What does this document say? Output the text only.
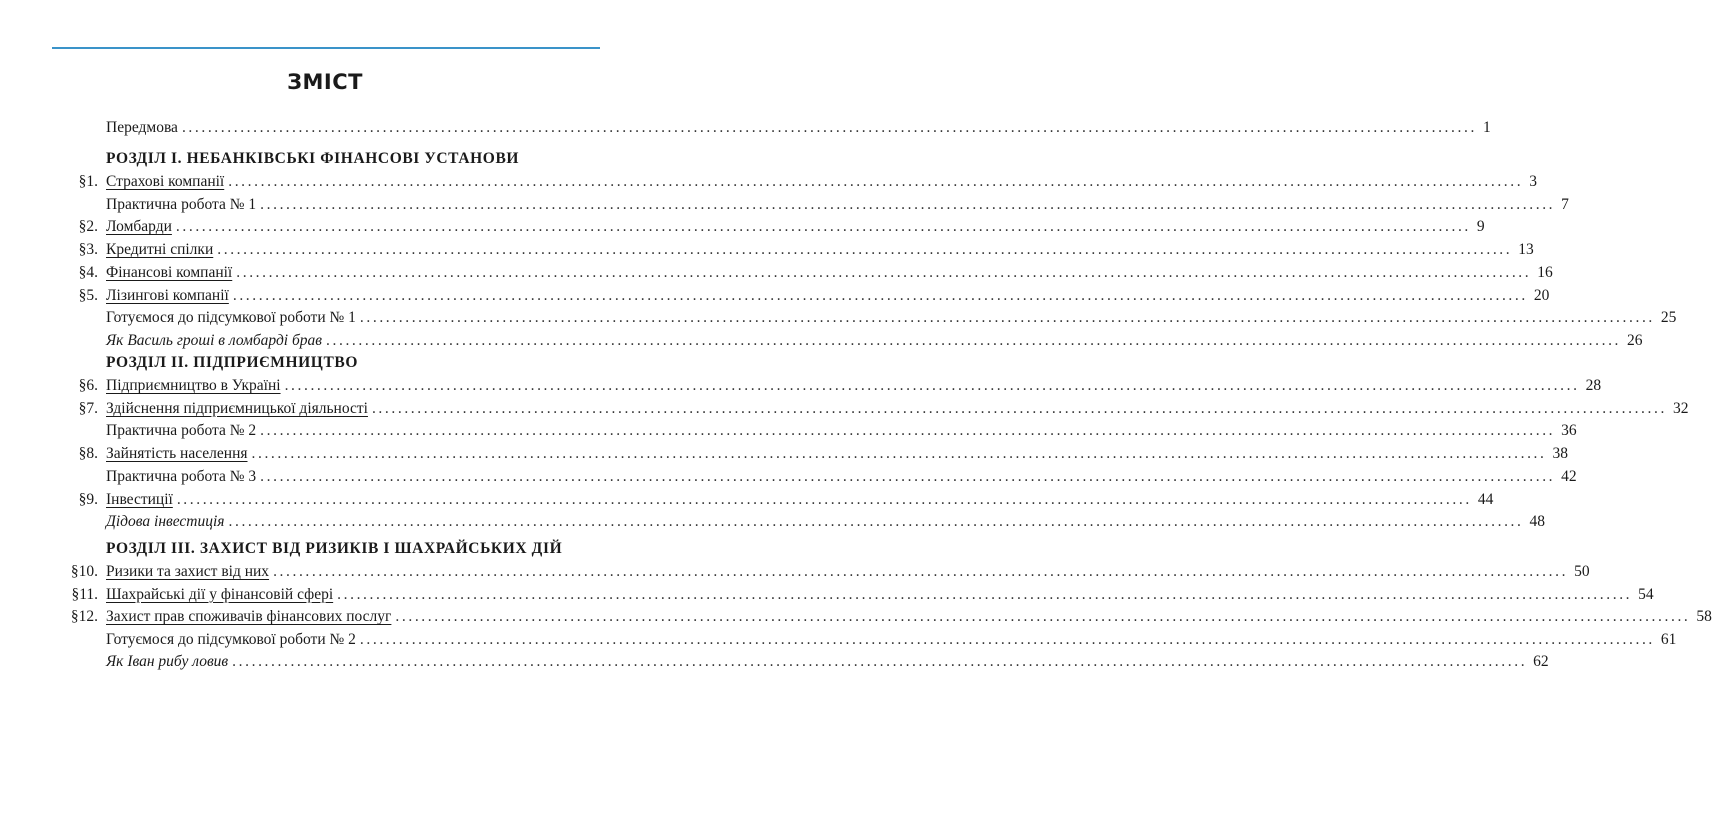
ЗМІСТ
Передмова ........................................................................................................................................................................................................ 1
РОЗДІЛ I. НЕБАНКІВСЬКІ ФІНАНСОВІ УСТАНОВИ
§1. Страхові компанії ........................................................................................................................................................................................................ 3
Практична робота № 1 ........................................................................................................................................................................................................ 7
§2. Ломбарди ........................................................................................................................................................................................................ 9
§3. Кредитні спілки ........................................................................................................................................................................................................ 13
§4. Фінансові компанії ........................................................................................................................................................................................................ 16
§5. Лізингові компанії ........................................................................................................................................................................................................ 20
Готуємося до підсумкової роботи № 1 ........................................................................................................................................................................................................ 25
Як Василь гроші в ломбарді брав ........................................................................................................................................................................................................ 26
РОЗДІЛ II. ПІДПРИЄМНИЦТВО
§6. Підприємництво в Україні ........................................................................................................................................................................................................ 28
§7. Здійснення підприємницької діяльності ........................................................................................................................................................................................................ 32
Практична робота № 2 ........................................................................................................................................................................................................ 36
§8. Зайнятість населення ........................................................................................................................................................................................................ 38
Практична робота № 3 ........................................................................................................................................................................................................ 42
§9. Інвестиції ........................................................................................................................................................................................................ 44
Дідова інвестиція ........................................................................................................................................................................................................ 48
РОЗДІЛ III. ЗАХИСТ ВІД РИЗИКІВ І ШАХРАЙСЬКИХ ДІЙ
§10. Ризики та захист від них ........................................................................................................................................................................................................ 50
§11. Шахрайські дії у фінансовій сфері ........................................................................................................................................................................................................ 54
§12. Захист прав споживачів фінансових послуг ........................................................................................................................................................................................................ 58
Готуємося до підсумкової роботи № 2 ........................................................................................................................................................................................................ 61
Як Іван рибу ловив ........................................................................................................................................................................................................ 62
